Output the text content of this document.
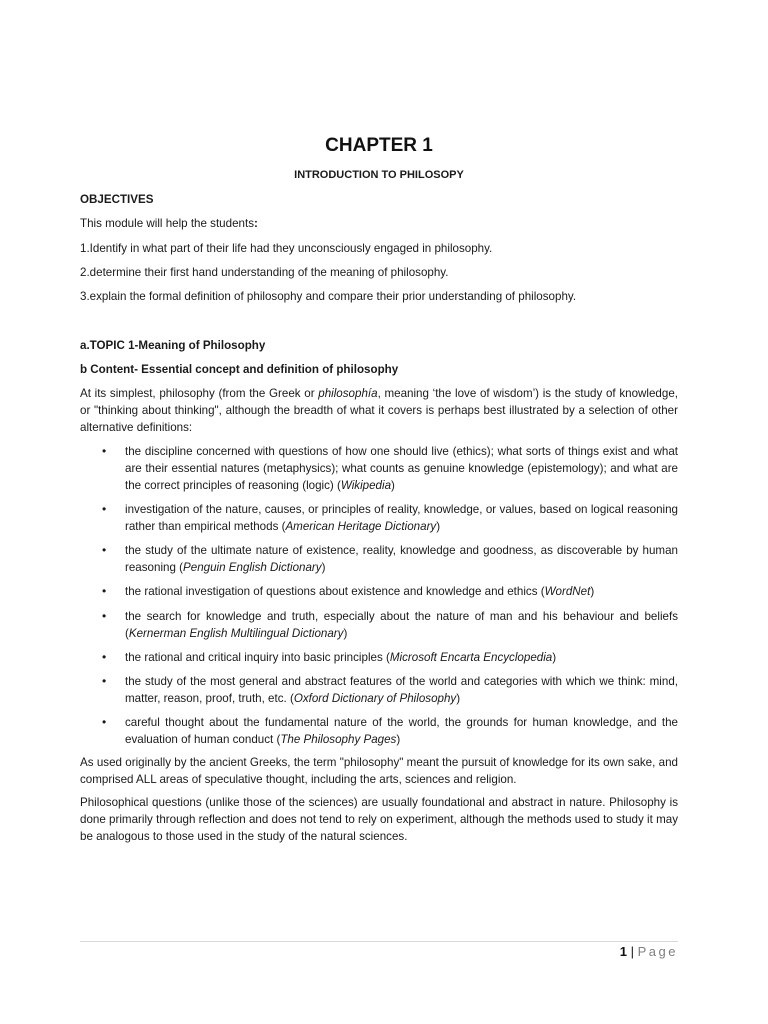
CHAPTER 1
INTRODUCTION TO PHILOSOPY
OBJECTIVES
This module will help the students:
1.Identify in what part of their life had they unconsciously engaged in philosophy.
2.determine their first hand understanding of the meaning of philosophy.
3.explain the formal definition of philosophy and compare their prior understanding of philosophy.
a.TOPIC 1-Meaning of Philosophy
b Content- Essential concept and definition of philosophy
At its simplest, philosophy (from the Greek or philosophía, meaning ‘the love of wisdom’) is the study of knowledge, or "thinking about thinking", although the breadth of what it covers is perhaps best illustrated by a selection of other alternative definitions:
• the discipline concerned with questions of how one should live (ethics); what sorts of things exist and what are their essential natures (metaphysics); what counts as genuine knowledge (epistemology); and what are the correct principles of reasoning (logic) (Wikipedia)
• investigation of the nature, causes, or principles of reality, knowledge, or values, based on logical reasoning rather than empirical methods (American Heritage Dictionary)
• the study of the ultimate nature of existence, reality, knowledge and goodness, as discoverable by human reasoning (Penguin English Dictionary)
• the rational investigation of questions about existence and knowledge and ethics (WordNet)
• the search for knowledge and truth, especially about the nature of man and his behaviour and beliefs (Kernerman English Multilingual Dictionary)
• the rational and critical inquiry into basic principles (Microsoft Encarta Encyclopedia)
• the study of the most general and abstract features of the world and categories with which we think: mind, matter, reason, proof, truth, etc. (Oxford Dictionary of Philosophy)
• careful thought about the fundamental nature of the world, the grounds for human knowledge, and the evaluation of human conduct (The Philosophy Pages)
As used originally by the ancient Greeks, the term "philosophy" meant the pursuit of knowledge for its own sake, and comprised ALL areas of speculative thought, including the arts, sciences and religion.
Philosophical questions (unlike those of the sciences) are usually foundational and abstract in nature. Philosophy is done primarily through reflection and does not tend to rely on experiment, although the methods used to study it may be analogous to those used in the study of the natural sciences.
1 | Page
